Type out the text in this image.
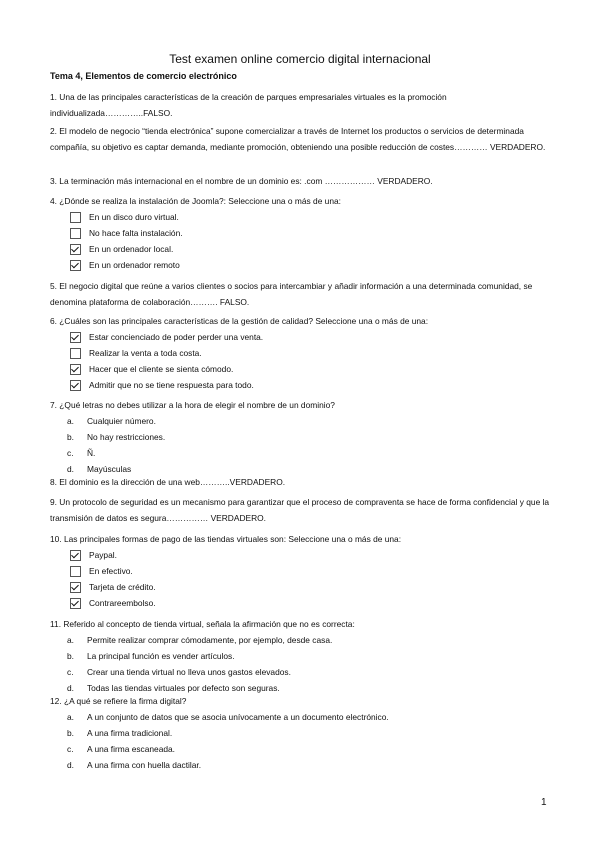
Test examen online comercio digital internacional
Tema 4, Elementos de comercio electrónico
1. Una de las principales características de la creación de parques empresariales virtuales es la promoción individualizada…………..FALSO.
2. El modelo de negocio “tienda electrónica” supone comercializar a través de Internet los productos o servicios de determinada compañía, su objetivo es captar demanda, mediante promoción, obteniendo una posible reducción de costes………… VERDADERO.
3. La terminación más internacional en el nombre de un dominio es: .com ……………… VERDADERO.
4. ¿Dónde se realiza la instalación de Joomla?: Seleccione una o más de una:
En un disco duro virtual.
No hace falta instalación.
En un ordenador local.
En un ordenador remoto
5. El negocio digital que reúne a varios clientes o socios para intercambiar y añadir información a una determinada comunidad, se denomina plataforma de colaboración………. FALSO.
6. ¿Cuáles son las principales características de la gestión de calidad? Seleccione una o más de una:
Estar concienciado de poder perder una venta.
Realizar la venta a toda costa.
Hacer que el cliente se sienta cómodo.
Admitir que no se tiene respuesta para todo.
7. ¿Qué letras no debes utilizar a la hora de elegir el nombre de un dominio?
a.	Cualquier número.
b.	No hay restricciones.
c.	Ñ.
d.	Mayúsculas
8. El dominio es la dirección de una web………..VERDADERO.
9. Un protocolo de seguridad es un mecanismo para garantizar que el proceso de compraventa se hace de forma confidencial y que la transmisión de datos es segura…………… VERDADERO.
10. Las principales formas de pago de las tiendas virtuales son: Seleccione una o más de una:
Paypal.
En efectivo.
Tarjeta de crédito.
Contrareembolso.
11. Referido al concepto de tienda virtual, señala la afirmación que no es correcta:
a.	Permite realizar comprar cómodamente, por ejemplo, desde casa.
b.	La principal función es vender artículos.
c.	Crear una tienda virtual no lleva unos gastos elevados.
d.	Todas las tiendas virtuales por defecto son seguras.
12. ¿A qué se refiere la firma digital?
a.	A un conjunto de datos que se asocia unívocamente a un documento electrónico.
b.	A una firma tradicional.
c.	A una firma escaneada.
d.	A una firma con huella dactilar.
1
